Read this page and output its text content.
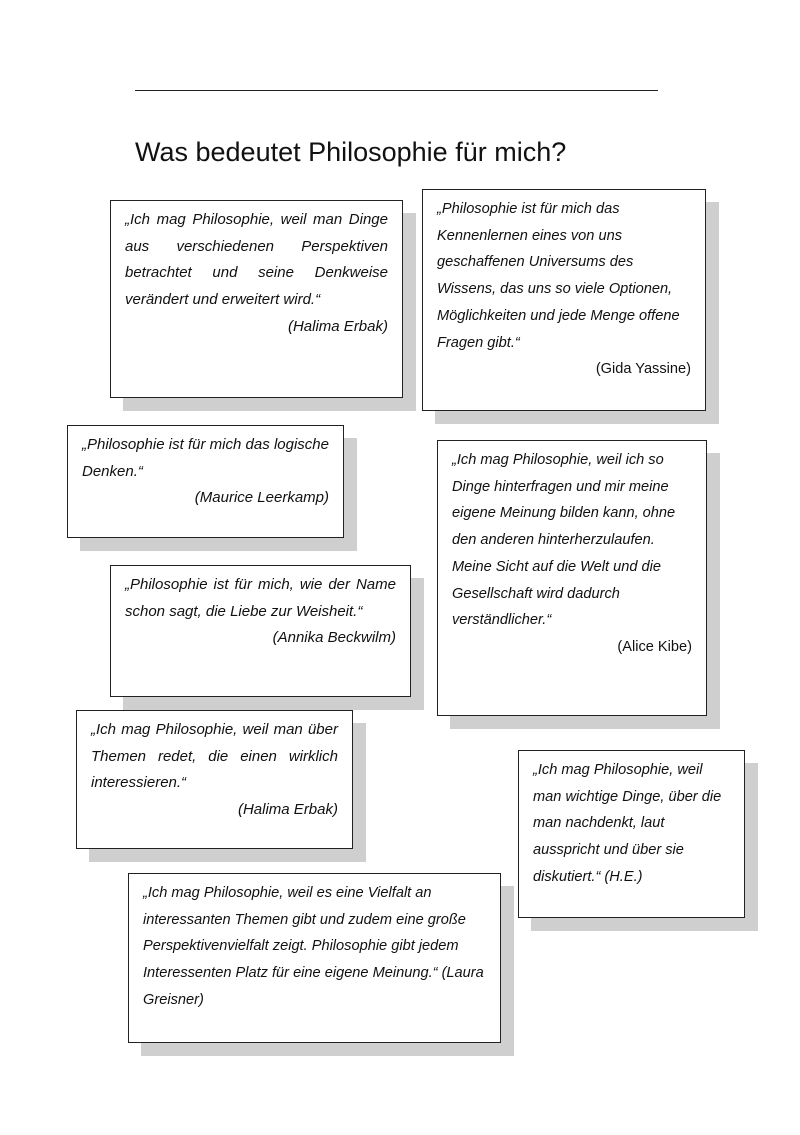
Was bedeutet Philosophie für mich?

„Ich mag Philosophie, weil man Dinge aus verschiedenen Perspektiven betrachtet und seine Denkweise verändert und erweitert wird.“

(Halima Erbak)

„Philosophie ist für mich das Kennenlernen eines von uns geschaffenen Universums des Wissens, das uns so viele Optionen, Möglichkeiten und jede Menge offene Fragen gibt.“

(Gida Yassine)

„Philosophie ist für mich das logische Denken.“

(Maurice Leerkamp)

„Ich mag Philosophie, weil ich so Dinge hinterfragen und mir meine eigene Meinung bilden kann, ohne den anderen hinterherzulaufen. Meine Sicht auf die Welt und die Gesellschaft wird dadurch verständlicher.“

(Alice Kibe)

„Philosophie ist für mich, wie der Name schon sagt, die Liebe zur Weisheit.“

(Annika Beckwilm)

„Ich mag Philosophie, weil man über Themen redet, die einen wirklich interessieren.“

(Halima Erbak)

„Ich mag Philosophie, weil man wichtige Dinge, über die man nachdenkt, laut ausspricht und über sie diskutiert.“ (H.E.)

„Ich mag Philosophie, weil es eine Vielfalt an interessanten Themen gibt und zudem eine große Perspektivenvielfalt zeigt. Philosophie gibt jedem Interessenten Platz für eine eigene Meinung.“ (Laura Greisner)
